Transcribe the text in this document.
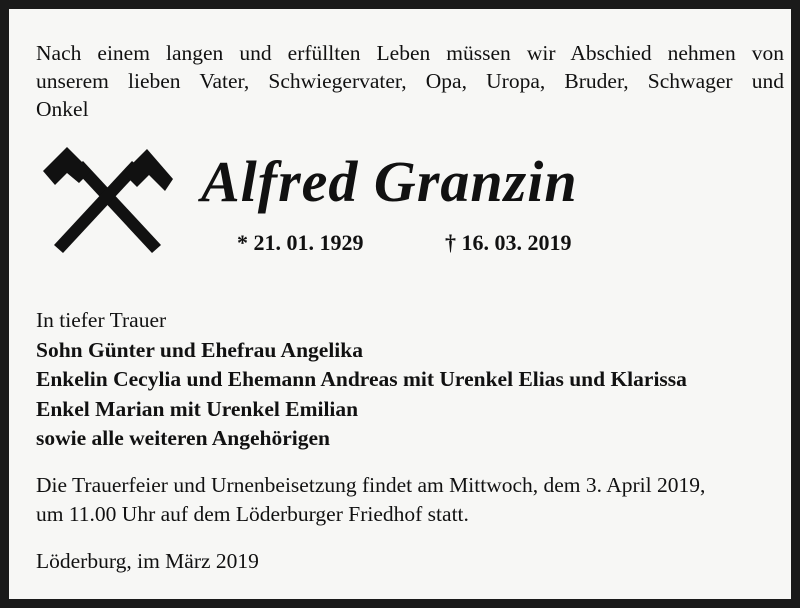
Nach einem langen und erfüllten Leben müssen wir Abschied nehmen von
unserem lieben Vater, Schwiegervater, Opa, Uropa, Bruder, Schwager und
Onkel
Alfred Granzin
* 21. 01. 1929	† 16. 03. 2019
In tiefer Trauer
Sohn Günter und Ehefrau Angelika
Enkelin Cecylia und Ehemann Andreas mit Urenkel Elias und Klarissa
Enkel Marian mit Urenkel Emilian
sowie alle weiteren Angehörigen
Die Trauerfeier und Urnenbeisetzung findet am Mittwoch, dem 3. April 2019,
um 11.00 Uhr auf dem Löderburger Friedhof statt.
Löderburg, im März 2019
